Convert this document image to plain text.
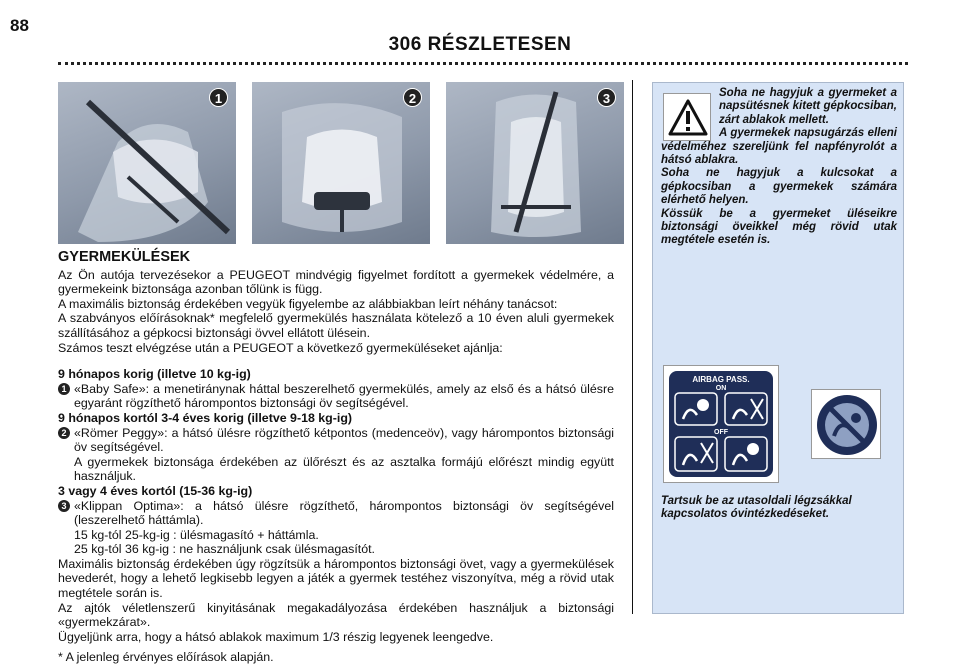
88
306 RÉSZLETESEN
1	2	3
GYERMEKÜLÉSEK
Az Ön autója tervezésekor a PEUGEOT mindvégig figyelmet fordított a gyermekek védelmére, a gyermekeink biztonsága azonban tőlünk is függ.
A maximális biztonság érdekében vegyük figyelembe az alábbiakban leírt néhány tanácsot:
A szabványos előírásoknak* megfelelő gyermekülés használata kötelező a 10 éven aluli gyermekek szállításához a gépkocsi biztonsági övvel ellátott ülésein.
Számos teszt elvégzése után a PEUGEOT a következő gyermeküléseket ajánlja:
9 hónapos korig (illetve 10 kg-ig)
1 «Baby Safe»: a menetiránynak háttal beszerelhető gyermekülés, amely az első és a hátsó ülésre egyaránt rögzíthető hárompontos biztonsági öv segítségével.
9 hónapos kortól 3-4 éves korig (illetve 9-18 kg-ig)
2 «Römer Peggy»: a hátsó ülésre rögzíthető kétpontos (medenceöv), vagy hárompontos biztonsági öv segítségével.
A gyermekek biztonsága érdekében az ülőrészt és az asztalka formájú előrészt mindig együtt használjuk.
3 vagy 4 éves kortól (15-36 kg-ig)
3 «Klippan Optima»: a hátsó ülésre rögzíthető, hárompontos biztonsági öv segítségével (leszerelhető háttámla).
15 kg-tól 25-kg-ig : ülésmagasító + háttámla.
25 kg-tól 36 kg-ig : ne használjunk csak ülésmagasítót.
Maximális biztonság érdekében úgy rögzítsük a hárompontos biztonsági övet, vagy a gyermekülések hevederét, hogy a lehető legkisebb legyen a játék a gyermek testéhez viszonyítva, még a rövid utak megtétele során is.
Az ajtók véletlenszerű kinyitásának megakadályozása érdekében használjuk a biztonsági «gyermekzárat».
Ügyeljünk arra, hogy a hátsó ablakok maximum 1/3 részig legyenek leengedve.
* A jelenleg érvényes előírások alapján.
Soha ne hagyjuk a gyermeket a napsütésnek kitett gépkocsiban, zárt ablakok mellett.
A gyermekek napsugárzás elleni védelméhez szereljünk fel napfényrolót a hátsó ablakra.
Soha ne hagyjuk a kulcsokat a gépkocsiban a gyermekek számára elérhető helyen.
Kössük be a gyermeket üléseikre biztonsági öveikkel még rövid utak megtétele esetén is.
AIRBAG PASS.
ON
OFF
Tartsuk be az utasoldali légzsákkal kapcsolatos óvintézkedéseket.
